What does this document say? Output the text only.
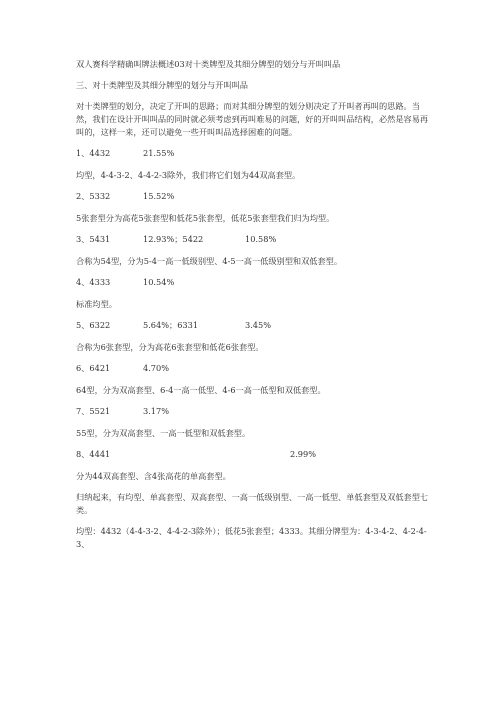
双人赛科学精确叫牌法概述03对十类牌型及其细分牌型的划分与开叫叫品

三、对十类牌型及其细分牌型的划分与开叫叫品

对十类牌型的划分，决定了开叫的思路；而对其细分牌型的划分则决定了开叫者再叫的思路。当然，我们在设计开叫叫品的同时就必须考虑到再叫难易的问题，好的开叫叫品结构，必然是容易再叫的，这样一来，还可以避免一些开叫叫品选择困难的问题。

1、4432	21.55%

均型，4-4-3-2、4-4-2-3除外，我们将它们划为44双高套型。

2、5332	15.52%

5张套型分为高花5张套型和低花5张套型，低花5张套型我们归为均型。

3、5431	12.93%；5422	10.58%

合称为54型，分为5-4一高一低级别型、4-5一高一低级别型和双低套型。

4、4333	10.54%

标准均型。

5、6322	5.64%；6331	3.45%

合称为6张套型，分为高花6张套型和低花6张套型。

6、6421	4.70%

64型，分为双高套型、6-4一高一低型、4-6一高一低型和双低套型。

7、5521	3.17%

55型，分为双高套型、一高一低型和双低套型。

8、4441	2.99%

分为44双高套型、含4张高花的单高套型。

归纳起来，有均型、单高套型、双高套型、一高一低级别型、一高一低型、单低套型及双低套型七类。

均型：4432（4-4-3-2、4-4-2-3除外）；低花5张套型；4333。其细分牌型为：4-3-4-2、4-2-4-3、
